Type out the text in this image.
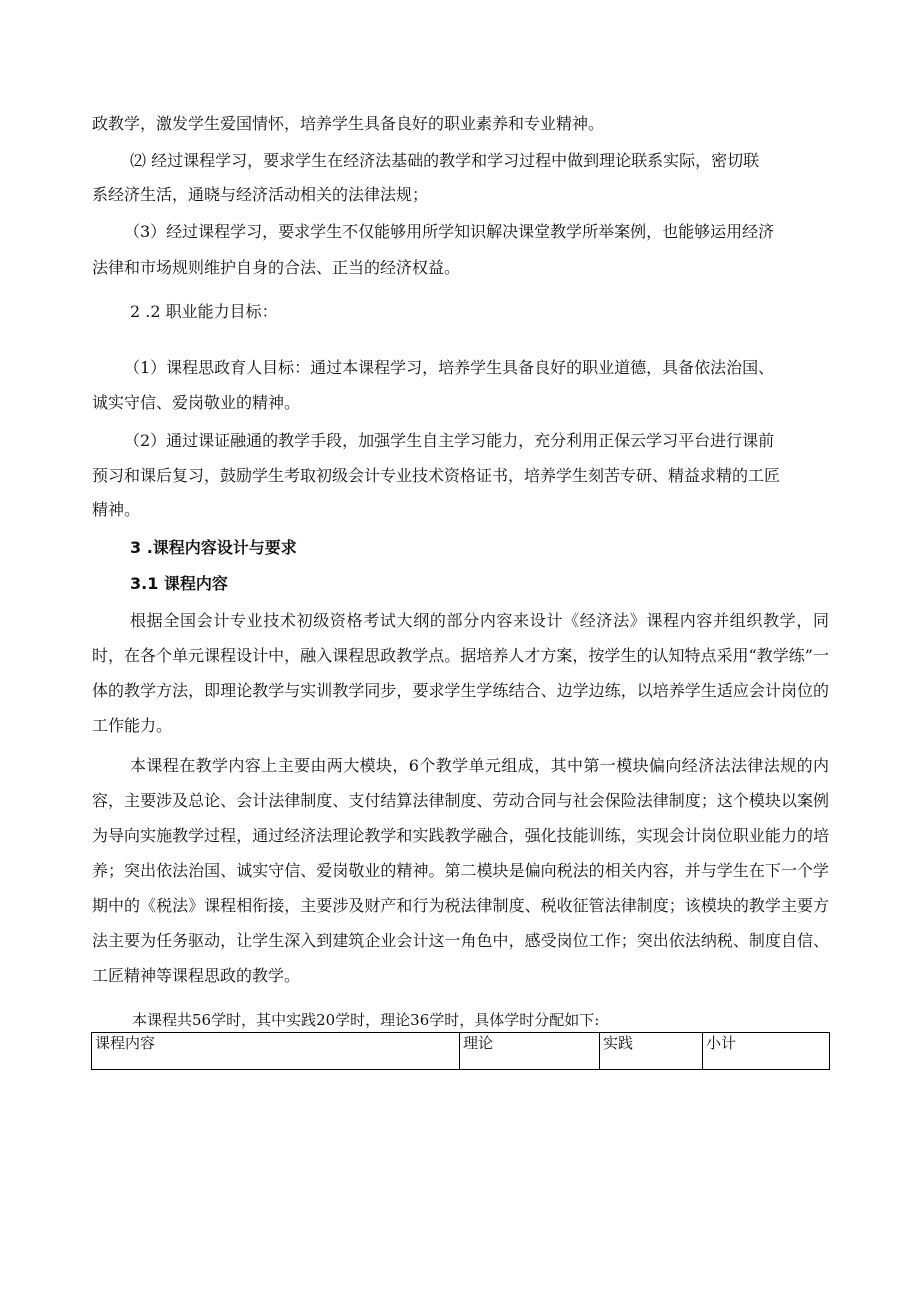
政教学，激发学生爱国情怀，培养学生具备良好的职业素养和专业精神。
⑵ 经过课程学习，要求学生在经济法基础的教学和学习过程中做到理论联系实际，密切联
系经济生活，通晓与经济活动相关的法律法规；
（3）经过课程学习，要求学生不仅能够用所学知识解决课堂教学所举案例，也能够运用经济
法律和市场规则维护自身的合法、正当的经济权益。
2 .2 职业能力目标：
（1）课程思政育人目标：通过本课程学习，培养学生具备良好的职业道德，具备依法治国、
诚实守信、爱岗敬业的精神。
（2）通过课证融通的教学手段，加强学生自主学习能力，充分利用正保云学习平台进行课前
预习和课后复习，鼓励学生考取初级会计专业技术资格证书，培养学生刻苦专研、精益求精的工匠
精神。
3 .课程内容设计与要求
3.1 课程内容

根据全国会计专业技术初级资格考试大纲的部分内容来设计《经济法》课程内容并组织教学，同时，在各个单元课程设计中，融入课程思政教学点。据培养人才方案，按学生的认知特点采用“教学练”一体的教学方法，即理论教学与实训教学同步，要求学生学练结合、边学边练，以培养学生适应会计岗位的工作能力。

本课程在教学内容上主要由两大模块，6个教学单元组成，其中第一模块偏向经济法法律法规的内容，主要涉及总论、会计法律制度、支付结算法律制度、劳动合同与社会保险法律制度；这个模块以案例为导向实施教学过程，通过经济法理论教学和实践教学融合，强化技能训练，实现会计岗位职业能力的培养；突出依法治国、诚实守信、爱岗敬业的精神。第二模块是偏向税法的相关内容，并与学生在下一个学期中的《税法》课程相衔接，主要涉及财产和行为税法律制度、税收征管法律制度；该模块的教学主要方法主要为任务驱动，让学生深入到建筑企业会计这一角色中，感受岗位工作；突出依法纳税、制度自信、工匠精神等课程思政的教学。

本课程共56学时，其中实践20学时，理论36学时，具体学时分配如下:
课程内容	理论	实践	小计
